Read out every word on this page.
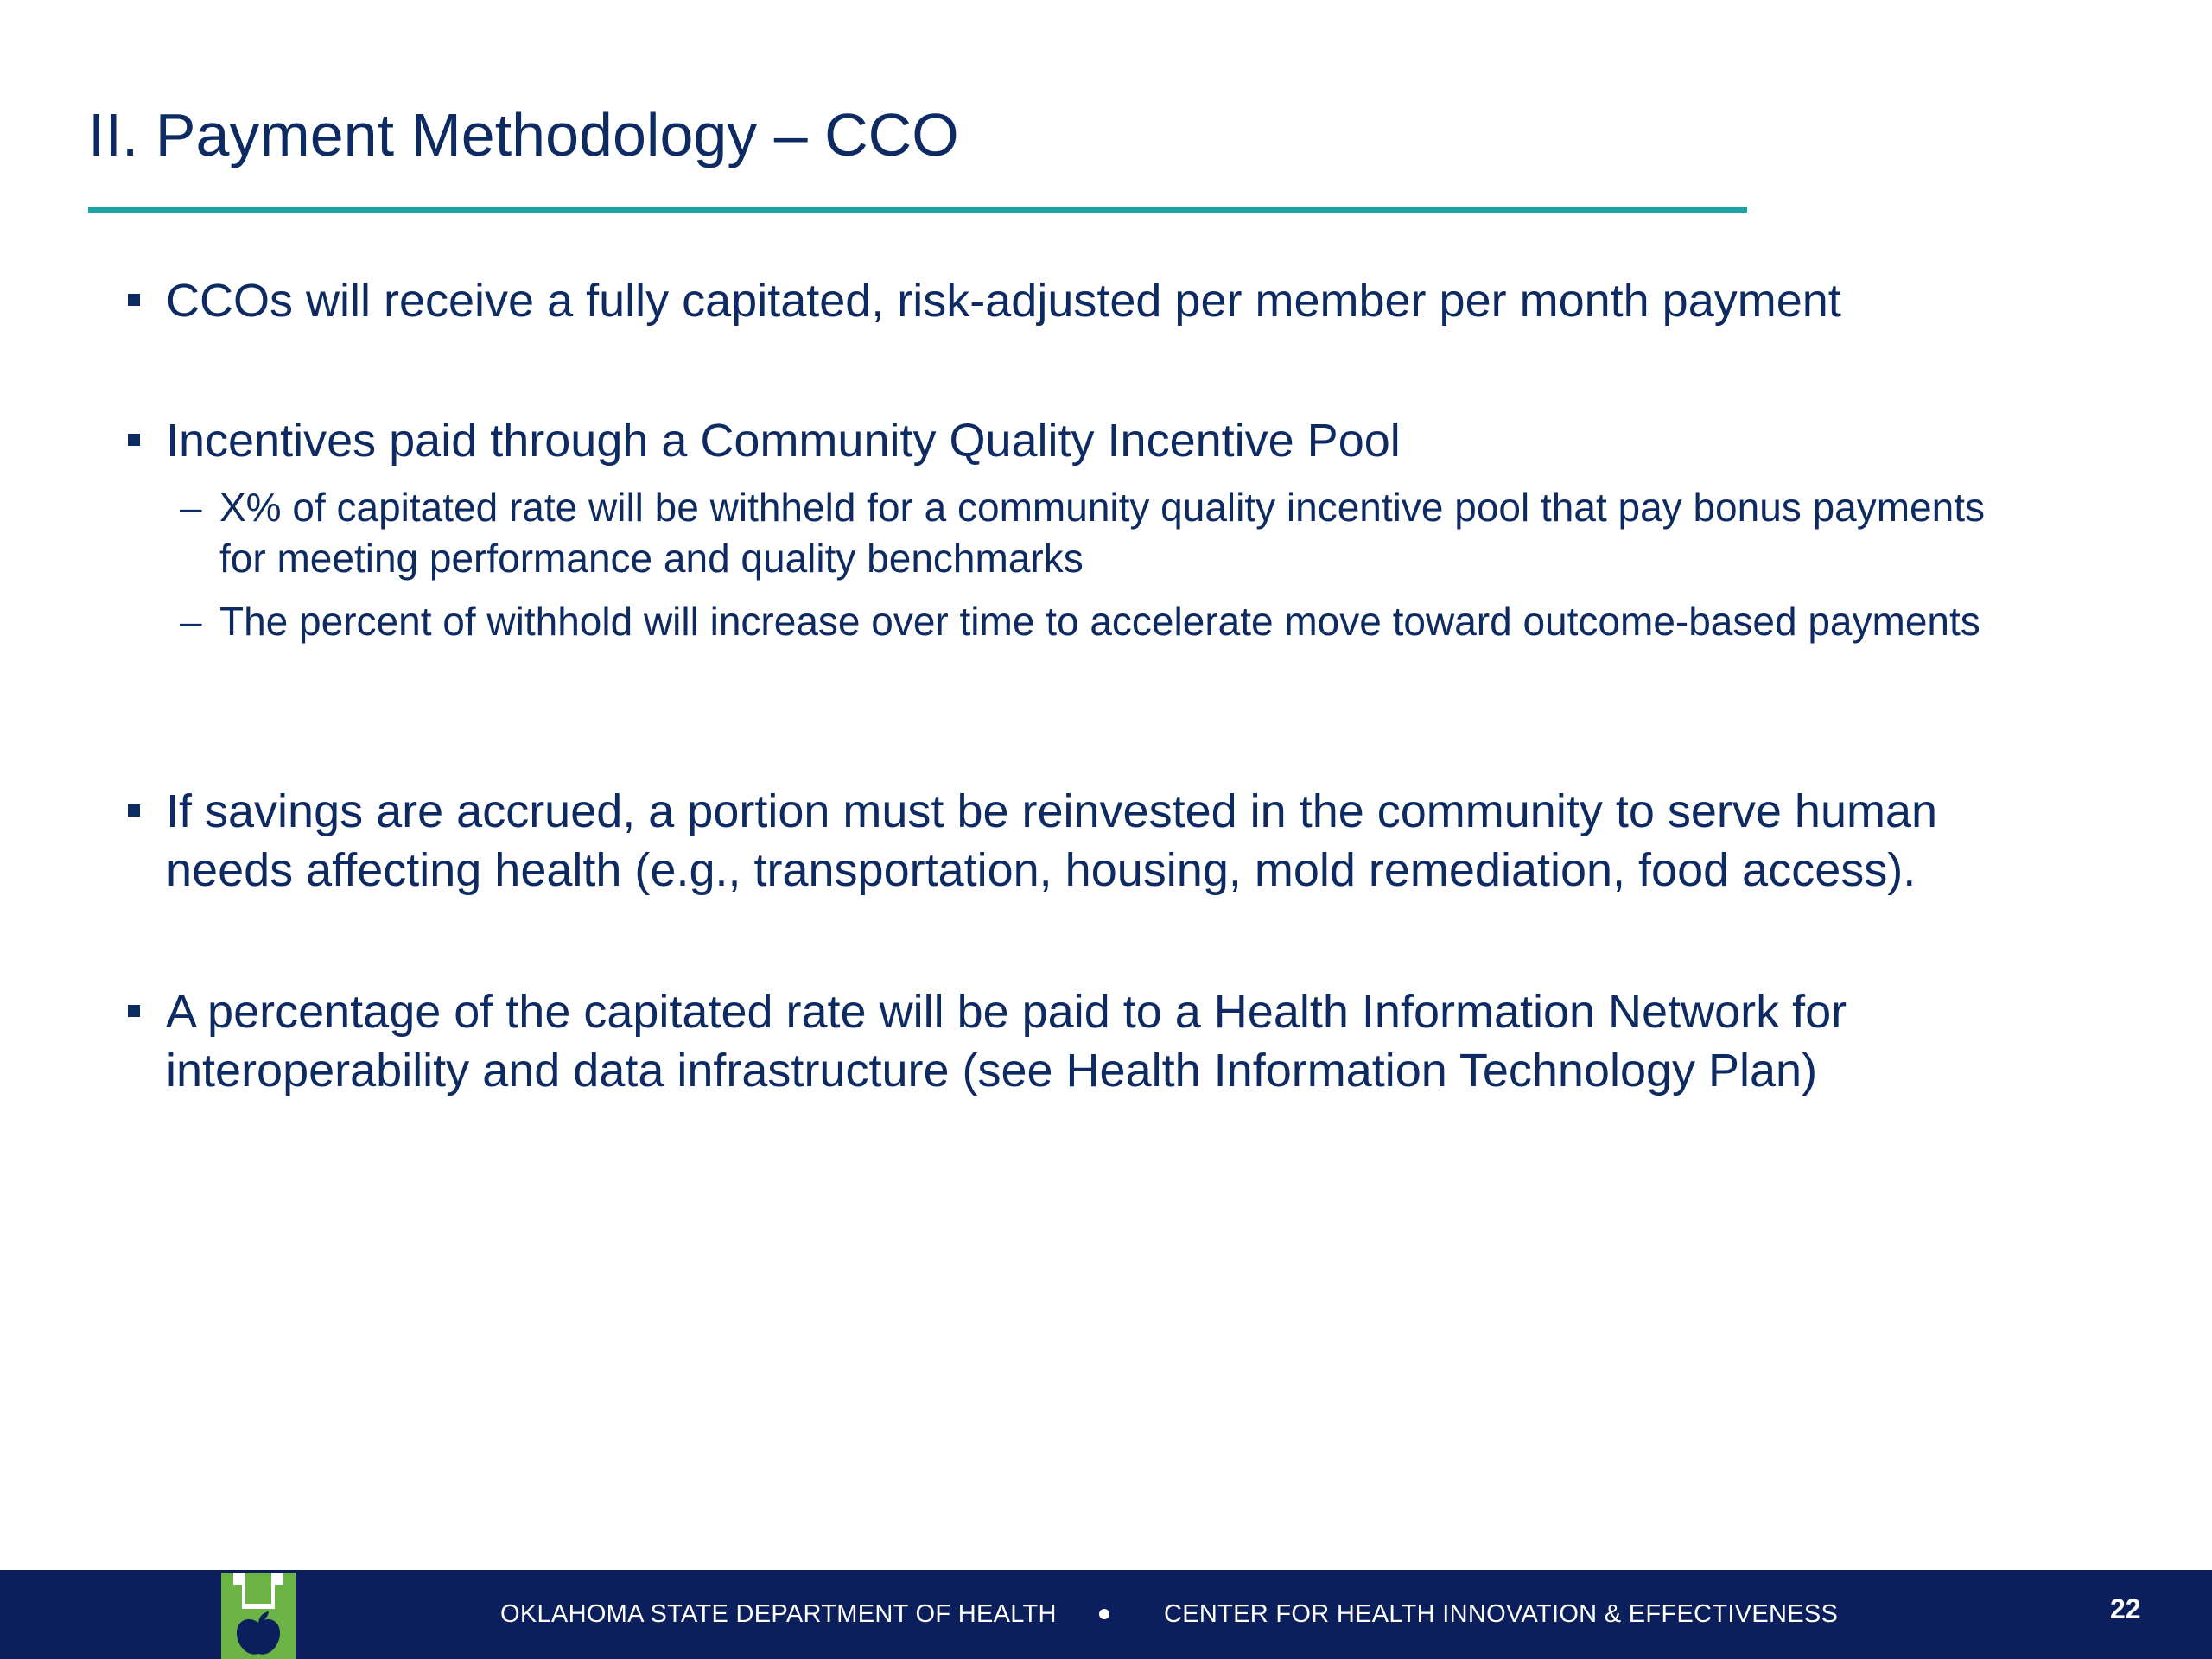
II. Payment Methodology – CCO
CCOs will receive a fully capitated, risk-adjusted per member per month payment
Incentives paid through a Community Quality Incentive Pool
– X% of capitated rate will be withheld for a community quality incentive pool that pay bonus payments for meeting performance and quality benchmarks
– The percent of withhold will increase over time to accelerate move toward outcome-based payments
If savings are accrued, a portion must be reinvested in the community to serve human needs affecting health (e.g., transportation, housing, mold remediation, food access).
A percentage of the capitated rate will be paid to a Health Information Network for interoperability and data infrastructure (see Health Information Technology Plan)
OKLAHOMA STATE DEPARTMENT OF HEALTH	CENTER FOR HEALTH INNOVATION & EFFECTIVENESS	22
